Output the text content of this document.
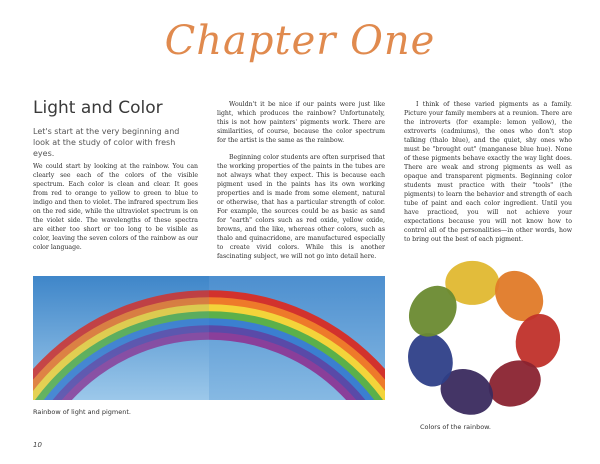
Chapter One
Light and Color
Let's start at the very beginning and look at the study of color with fresh eyes.
We could start by looking at the rainbow. You can clearly see each of the colors of the visible spectrum. Each color is clean and clear. It goes from red to orange to yellow to green to blue to indigo and then to violet. The infrared spectrum lies on the red side, while the ultraviolet spectrum is on the violet side. The wavelengths of these spectra are either too short or too long to be visible as color, leaving the seven colors of the rainbow as our color language.
Wouldn't it be nice if our paints were just like light, which produces the rainbow? Unfortunately, this is not how painters' pigments work. There are similarities, of course, because the color spectrum for the artist is the same as the rainbow.
Beginning color students are often surprised that the working properties of the paints in the tubes are not always what they expect. This is because each pigment used in the paints has its own working properties and is made from some element, natural or otherwise, that has a particular strength of color. For example, the sources could be as basic as sand for "earth" colors such as red oxide, yellow oxide, browns, and the like, whereas other colors, such as thalo and quinacridone, are manufactured especially to create vivid colors. While this is another fascinating subject, we will not go into detail here.
I think of these varied pigments as a family. Picture your family members at a reunion. There are the introverts (for example: lemon yellow), the extroverts (cadmiums), the ones who don't stop talking (thalo blue), and the quiet, shy ones who must be "brought out" (manganese blue hue). None of these pigments behave exactly the way light does. There are weak and strong pigments as well as opaque and transparent pigments. Beginning color students must practice with their "tools" (the pigments) to learn the behavior and strength of each tube of paint and each color ingredient. Until you have practiced, you will not achieve your expectations because you will not know how to control all of the personalities—in other words, how to bring out the best of each pigment.
Rainbow of light and pigment.
Colors of the rainbow.
10
